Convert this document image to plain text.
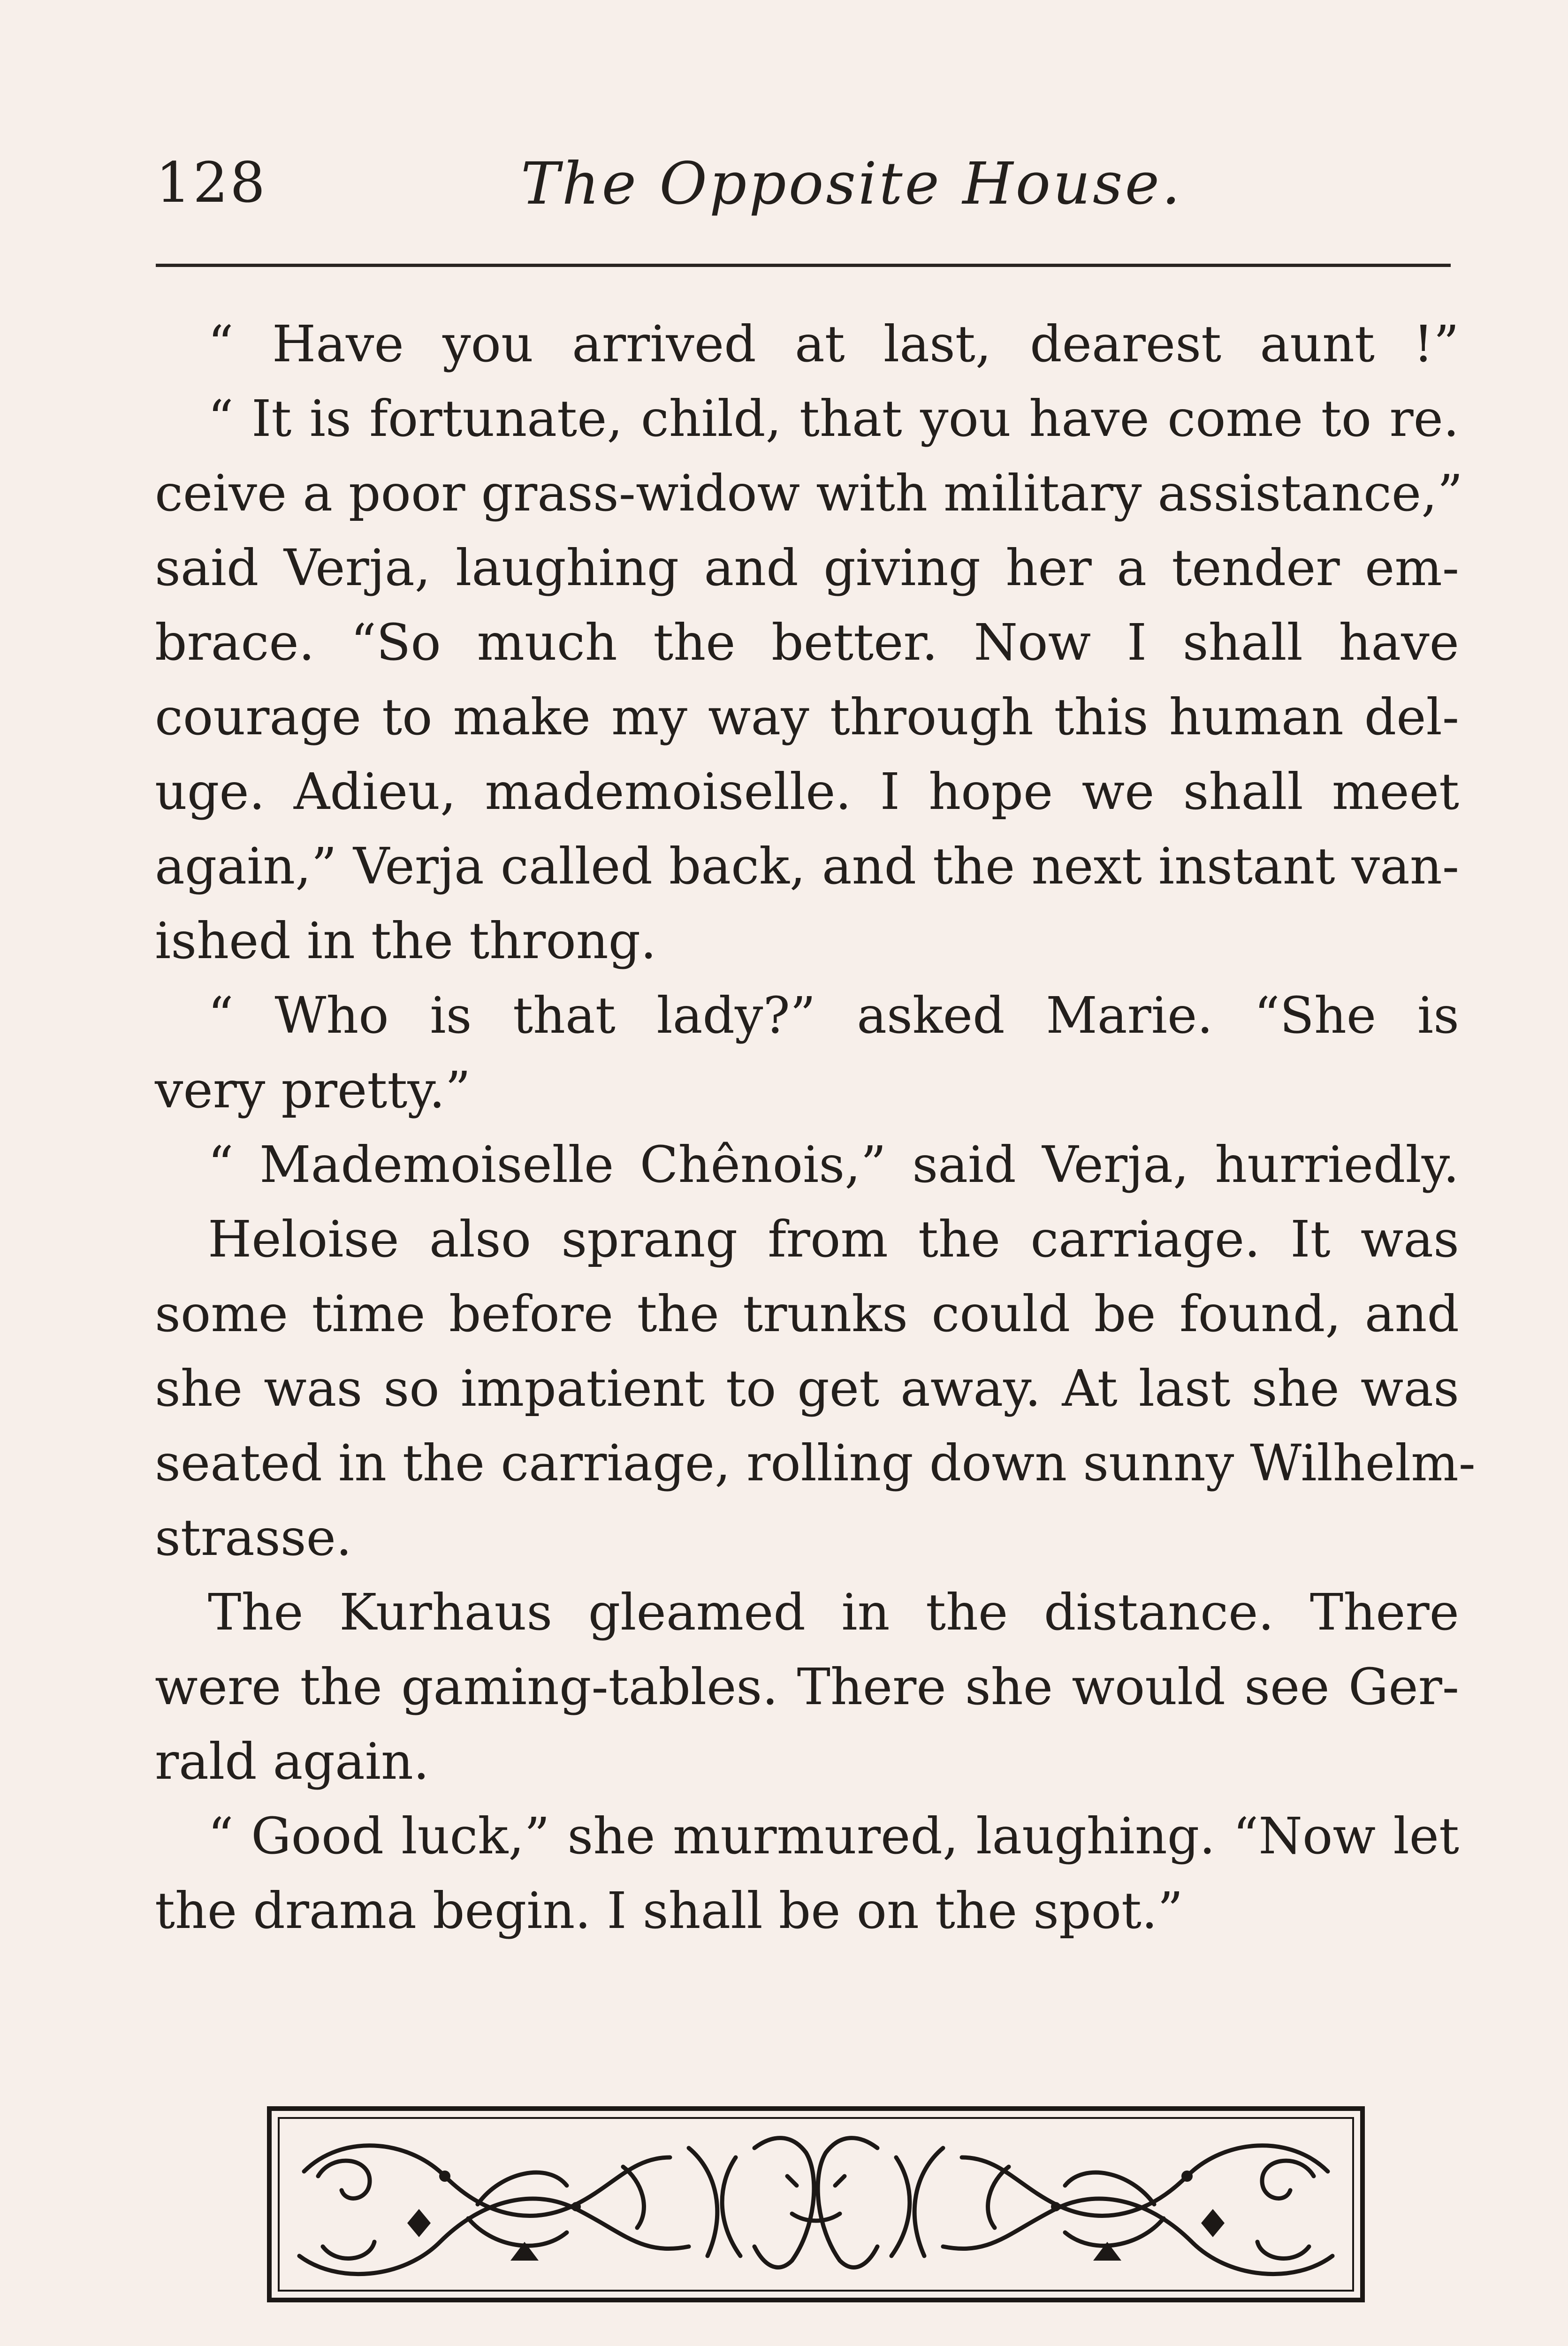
128	The Opposite House.
“ Have you arrived at last, dearest aunt !”
“ It is fortunate, child, that you have come to re.
ceive a poor grass-widow with military assistance,”
said Verja, laughing and giving her a tender em-
brace. “So much the better. Now I shall have
courage to make my way through this human del-
uge. Adieu, mademoiselle. I hope we shall meet
again,” Verja called back, and the next instant van-
ished in the throng.
“ Who is that lady?” asked Marie. “She is
very pretty.”
“ Mademoiselle Chênois,” said Verja, hurriedly.
Heloise also sprang from the carriage. It was
some time before the trunks could be found, and
she was so impatient to get away. At last she was
seated in the carriage, rolling down sunny Wilhelm-
strasse.
The Kurhaus gleamed in the distance. There
were the gaming-tables. There she would see Ger-
rald again.
“ Good luck,” she murmured, laughing. “Now let
the drama begin. I shall be on the spot.”
